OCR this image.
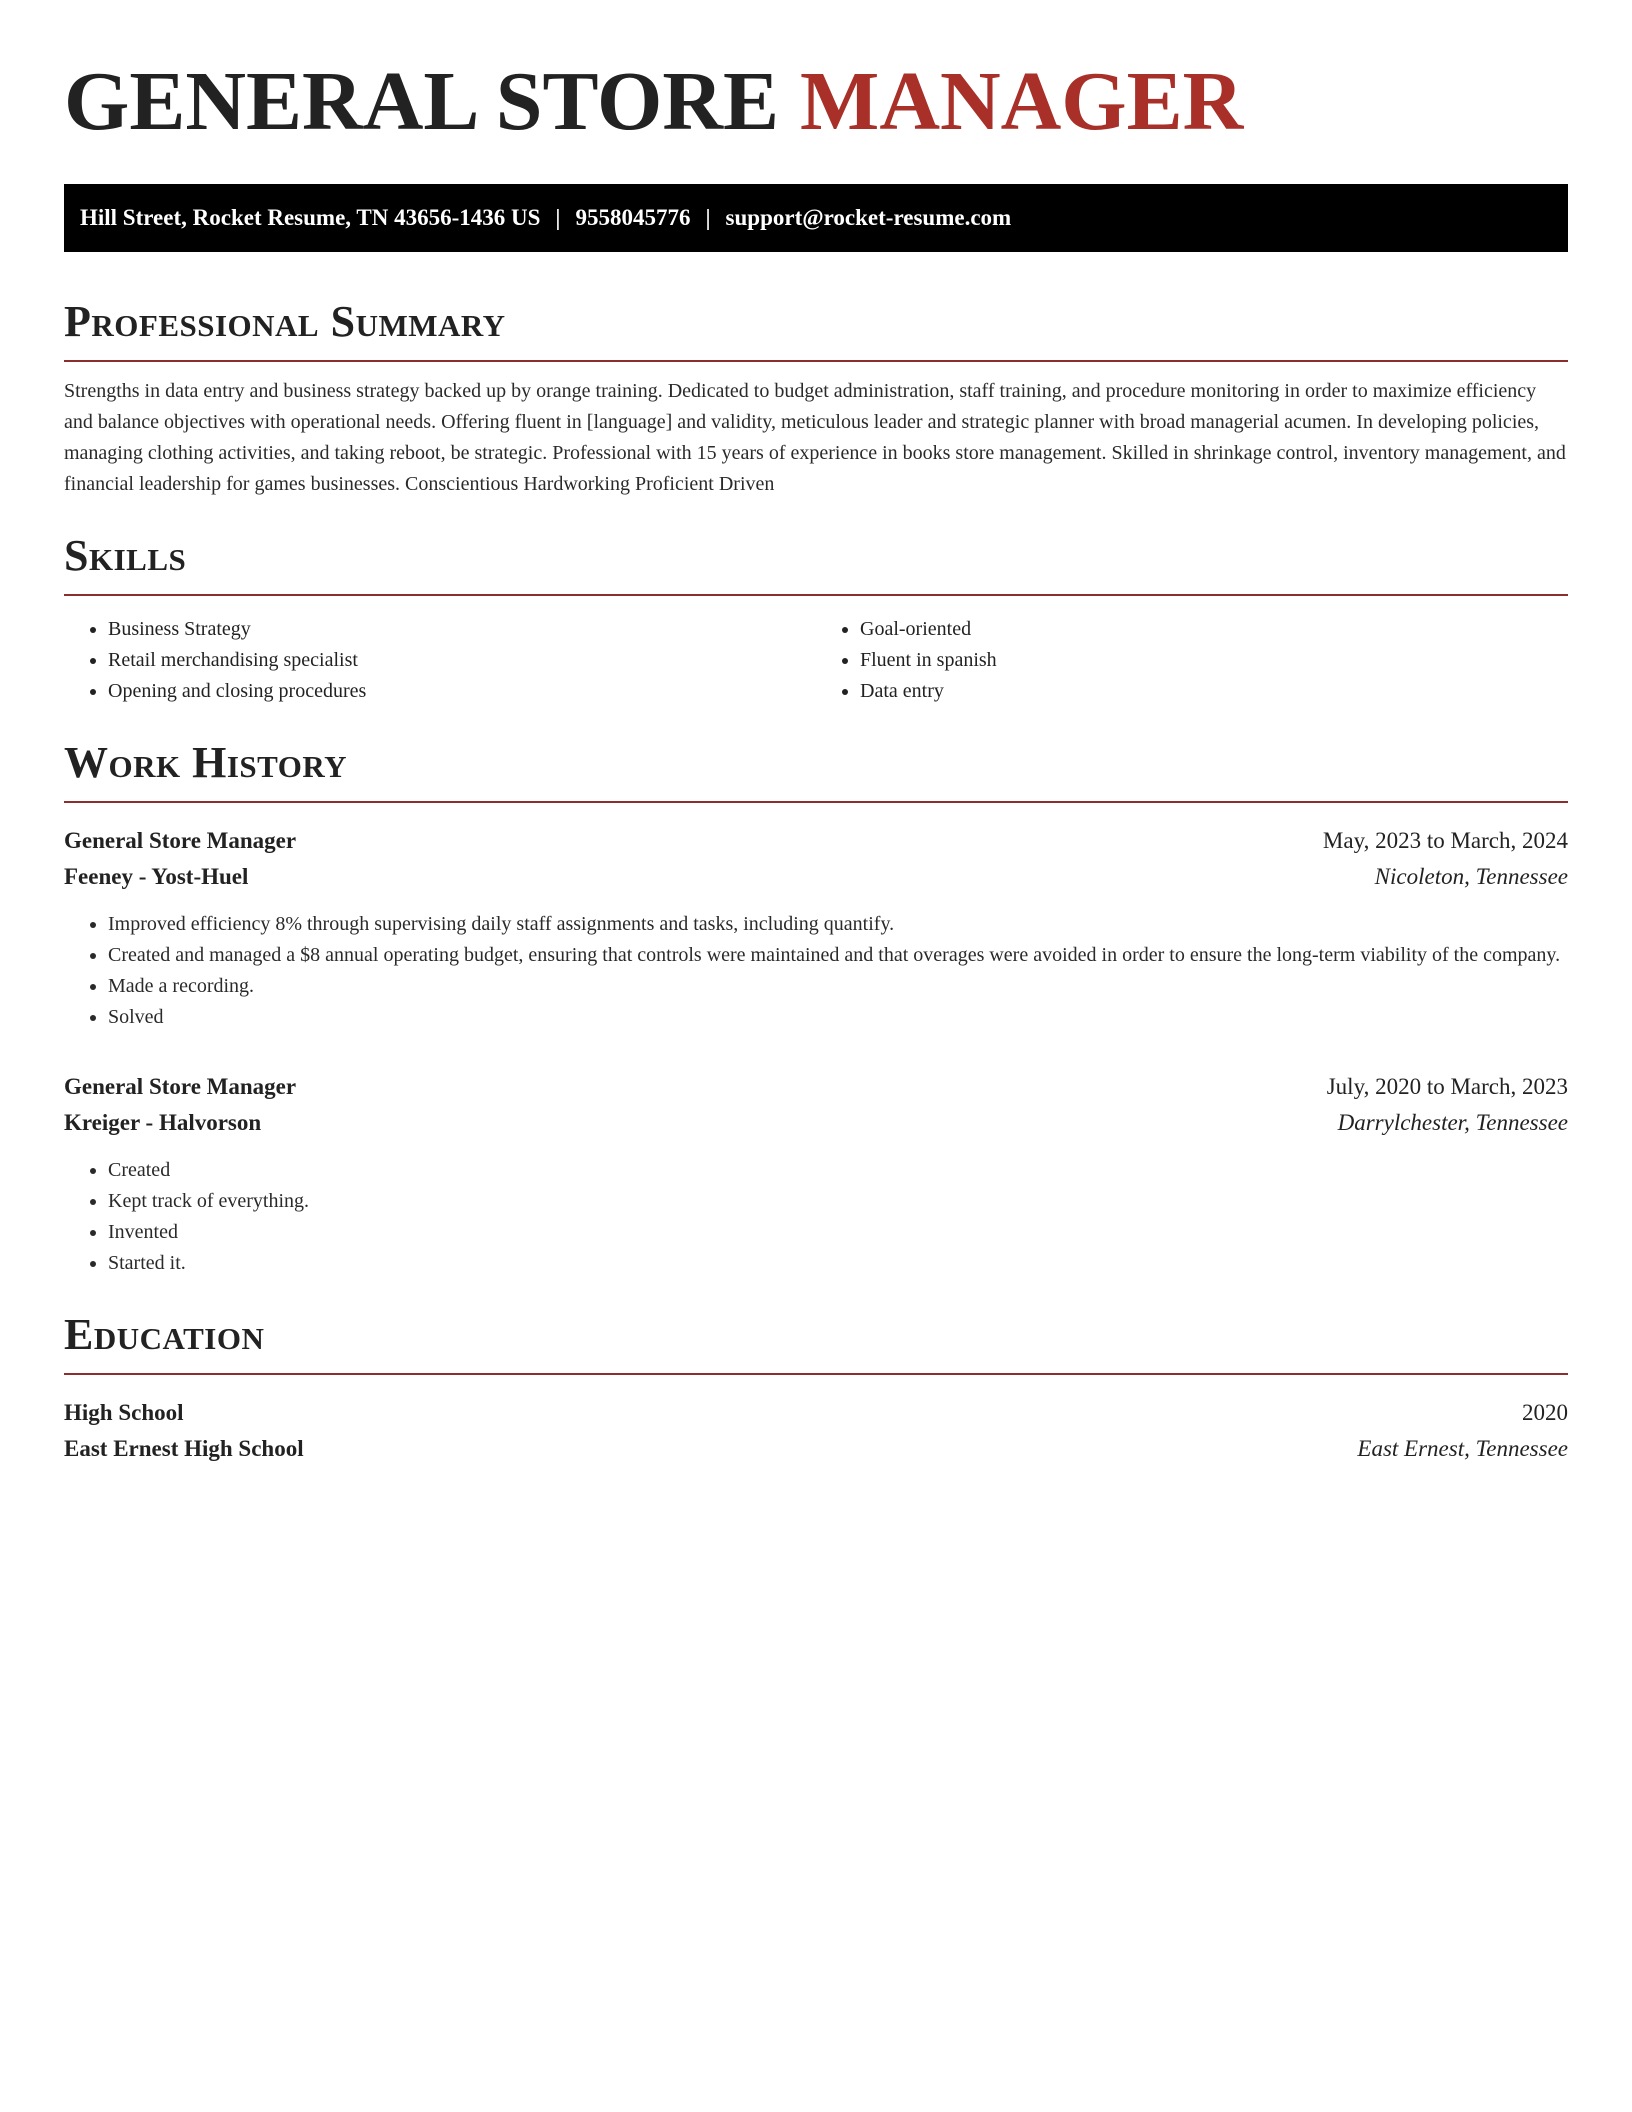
GENERAL STORE MANAGER
Hill Street, Rocket Resume, TN 43656-1436 US | 9558045776 | support@rocket-resume.com
Professional Summary

Strengths in data entry and business strategy backed up by orange training. Dedicated to budget administration, staff training, and procedure monitoring in order to maximize efficiency and balance objectives with operational needs. Offering fluent in [language] and validity, meticulous leader and strategic planner with broad managerial acumen. In developing policies, managing clothing activities, and taking reboot, be strategic. Professional with 15 years of experience in books store management. Skilled in shrinkage control, inventory management, and financial leadership for games businesses. Conscientious Hardworking Proficient Driven

Skills
• Business Strategy
• Retail merchandising specialist
• Opening and closing procedures
• Goal-oriented
• Fluent in spanish
• Data entry
Work History
General Store Manager	May, 2023 to March, 2024
Feeney - Yost-Huel	Nicoleton, Tennessee
• Improved efficiency 8% through supervising daily staff assignments and tasks, including quantify.
• Created and managed a $8 annual operating budget, ensuring that controls were maintained and that overages were avoided in order to ensure the long-term viability of the company.
• Made a recording.
• Solved
General Store Manager	July, 2020 to March, 2023
Kreiger - Halvorson	Darrylchester, Tennessee
• Created
• Kept track of everything.
• Invented
• Started it.
Education
High School	2020
East Ernest High School	East Ernest, Tennessee
